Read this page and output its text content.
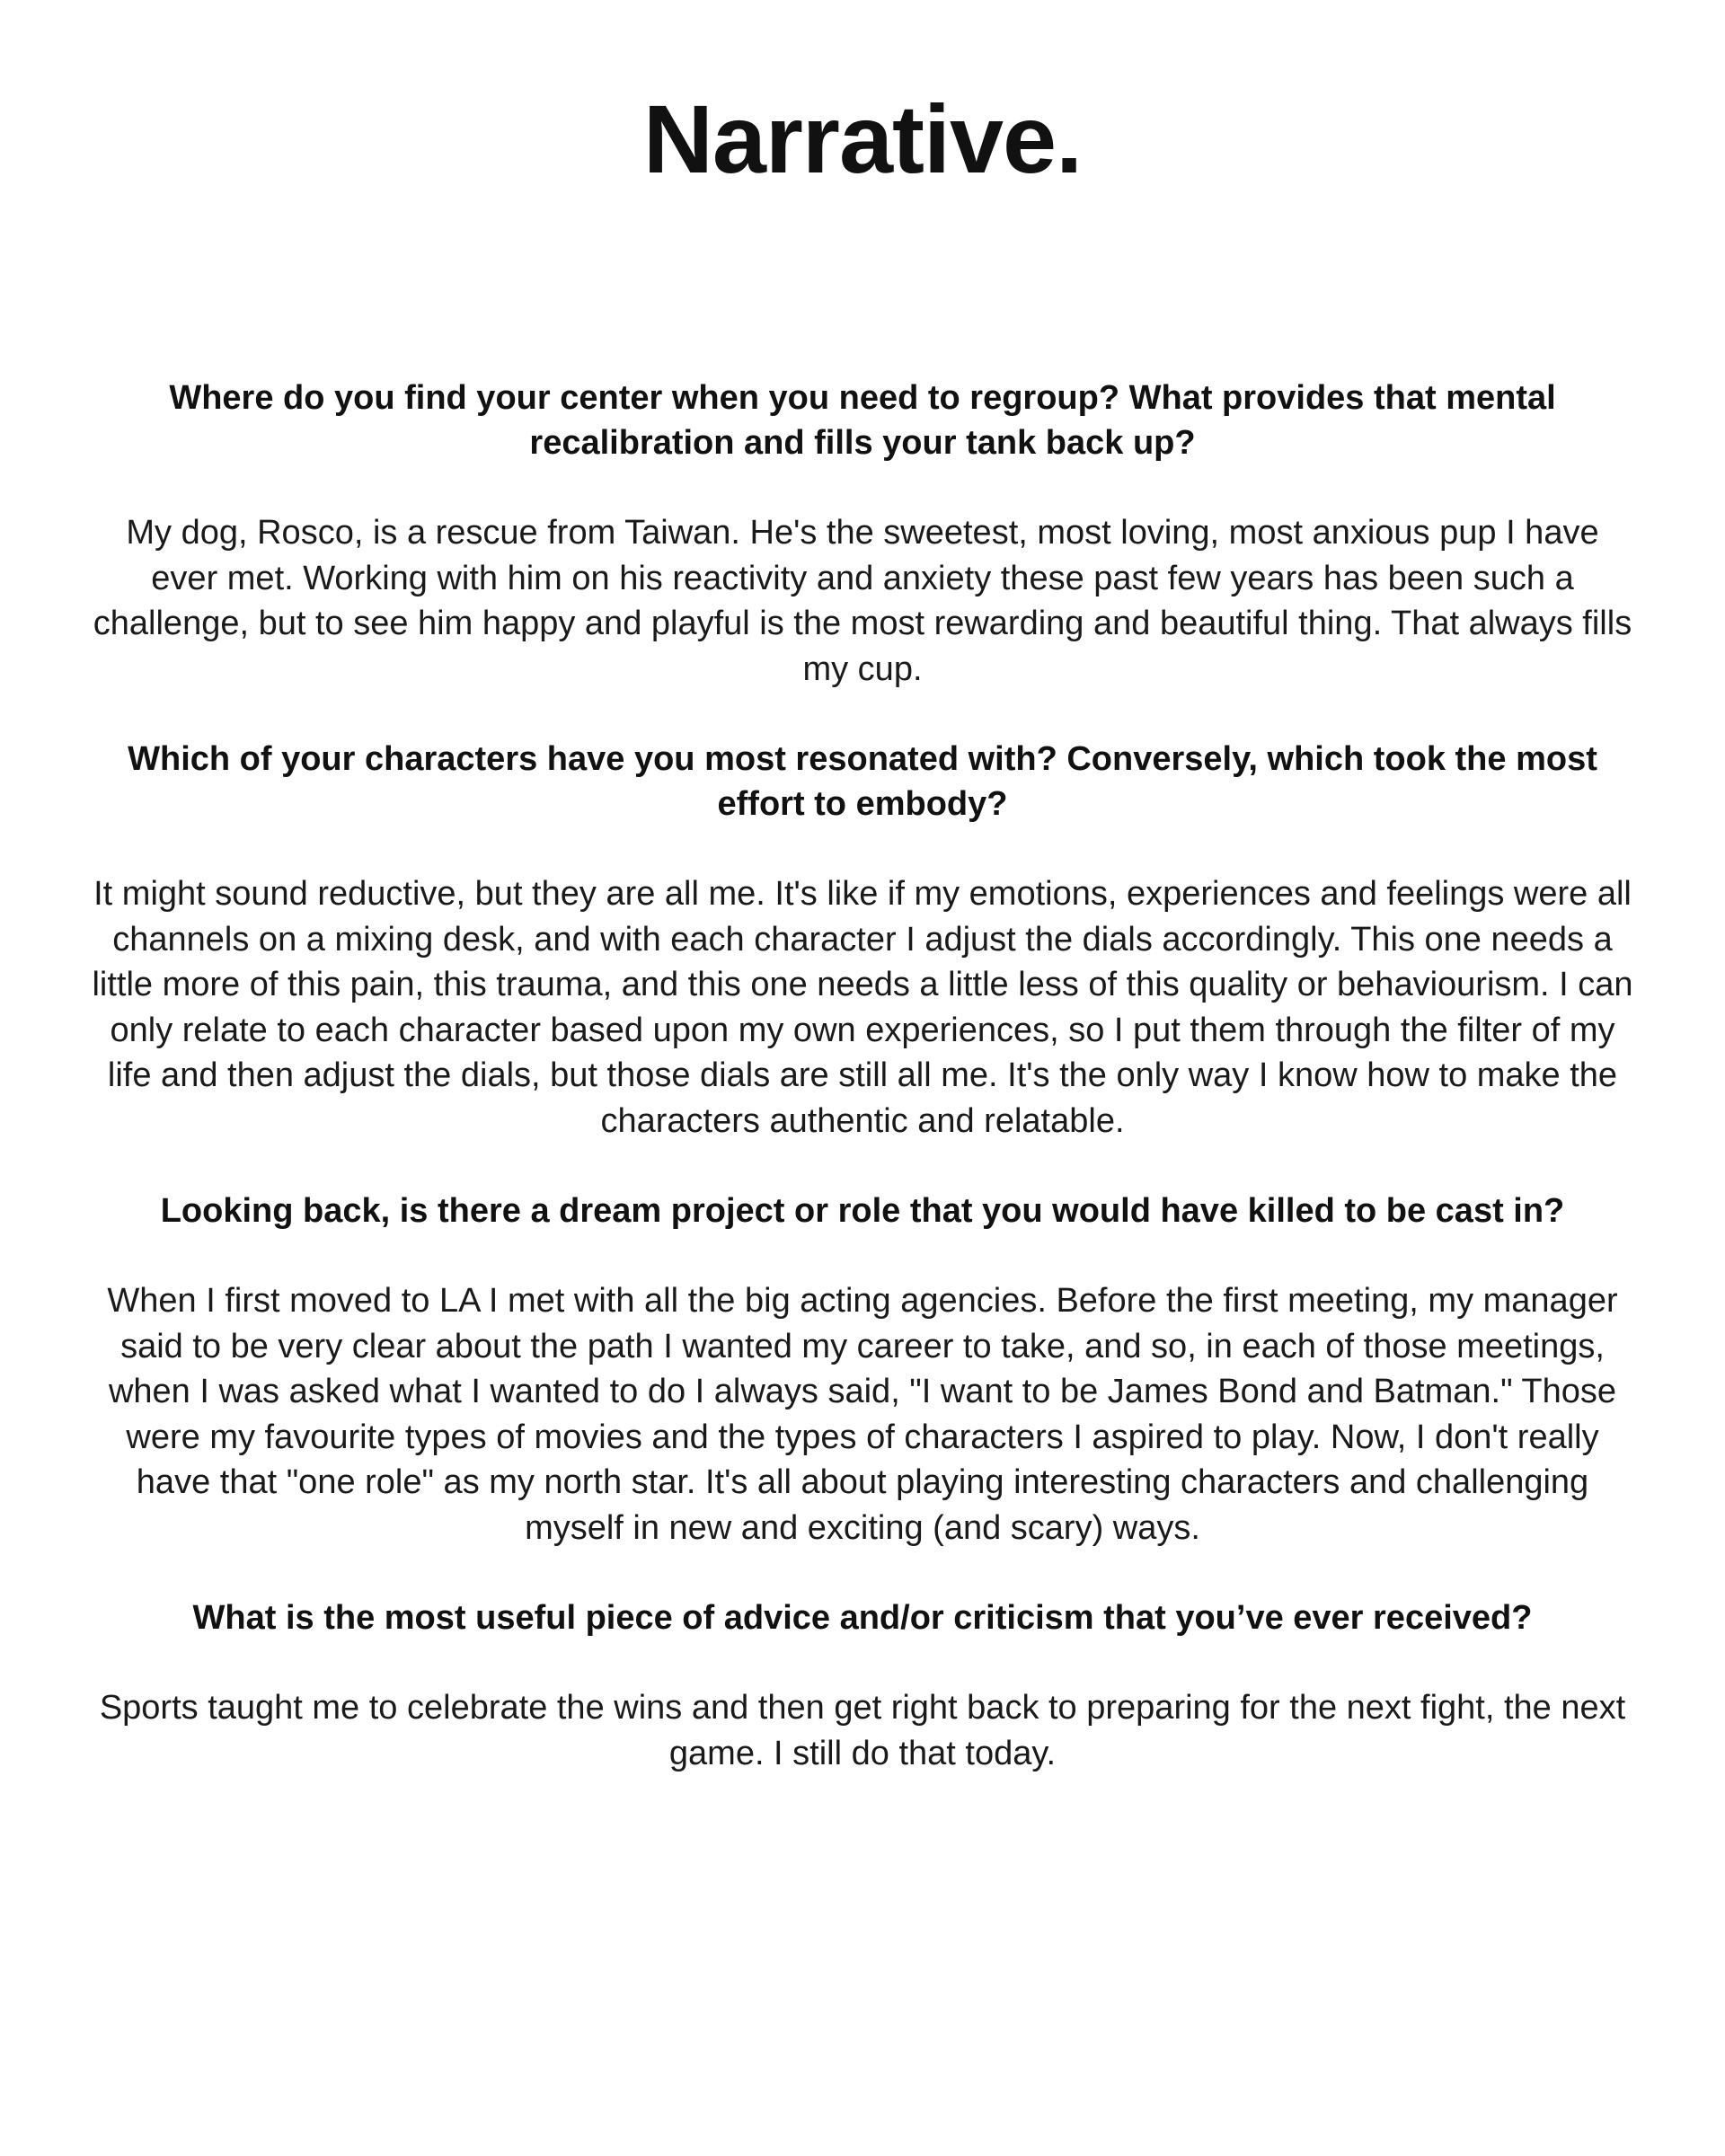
Narrative.

Where do you find your center when you need to regroup? What provides that mental recalibration and fills your tank back up?

My dog, Rosco, is a rescue from Taiwan. He's the sweetest, most loving, most anxious pup I have ever met. Working with him on his reactivity and anxiety these past few years has been such a challenge, but to see him happy and playful is the most rewarding and beautiful thing. That always fills my cup.

Which of your characters have you most resonated with? Conversely, which took the most effort to embody?

It might sound reductive, but they are all me. It's like if my emotions, experiences and feelings were all channels on a mixing desk, and with each character I adjust the dials accordingly. This one needs a little more of this pain, this trauma, and this one needs a little less of this quality or behaviourism. I can only relate to each character based upon my own experiences, so I put them through the filter of my life and then adjust the dials, but those dials are still all me. It's the only way I know how to make the characters authentic and relatable.

Looking back, is there a dream project or role that you would have killed to be cast in?

When I first moved to LA I met with all the big acting agencies. Before the first meeting, my manager said to be very clear about the path I wanted my career to take, and so, in each of those meetings, when I was asked what I wanted to do I always said, "I want to be James Bond and Batman." Those were my favourite types of movies and the types of characters I aspired to play. Now, I don't really have that "one role" as my north star. It's all about playing interesting characters and challenging myself in new and exciting (and scary) ways.

What is the most useful piece of advice and/or criticism that you’ve ever received?

Sports taught me to celebrate the wins and then get right back to preparing for the next fight, the next game. I still do that today.
